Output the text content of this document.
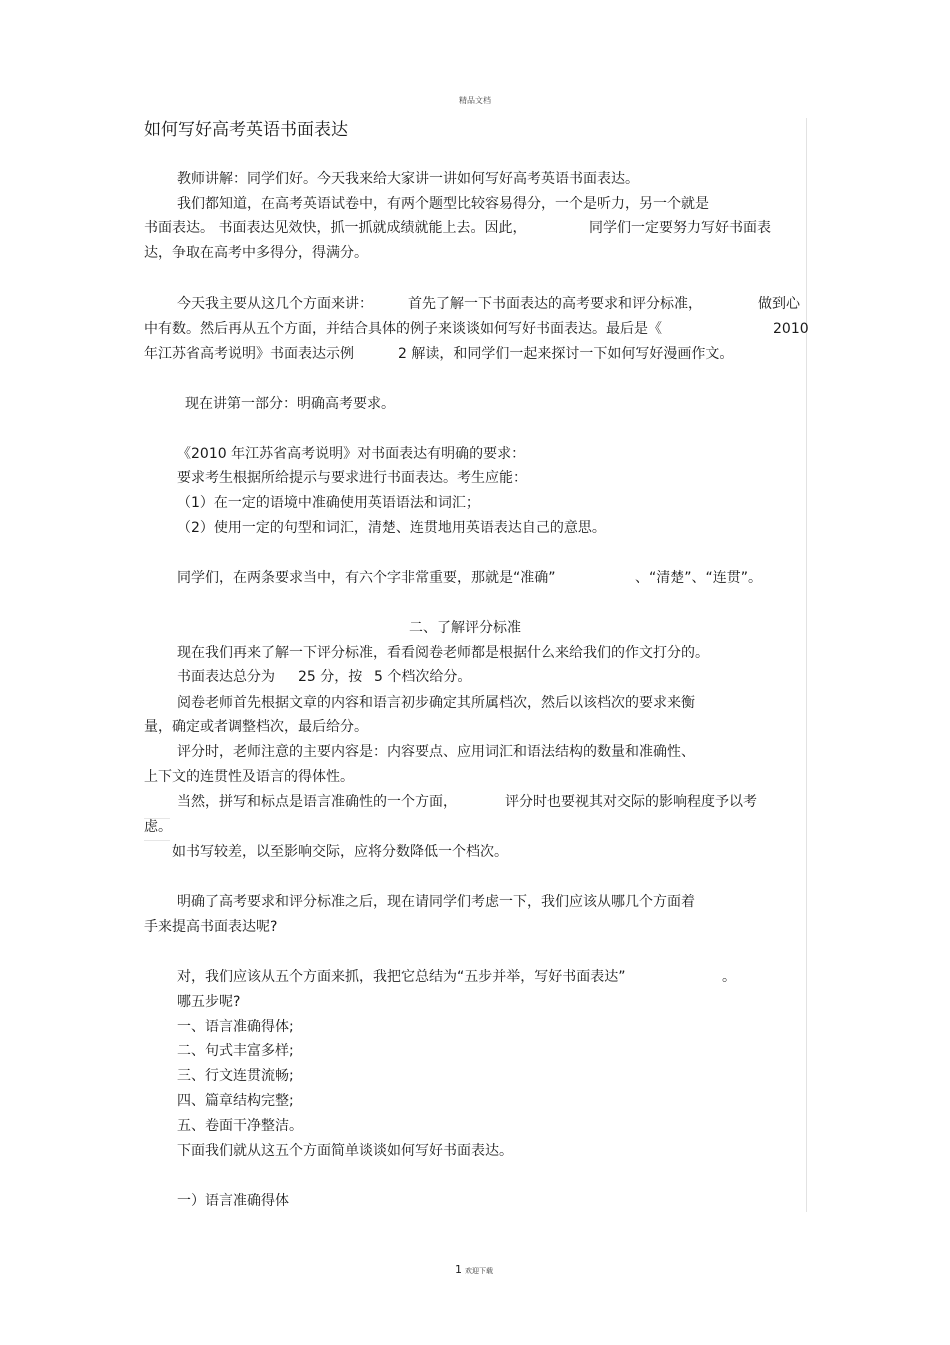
精品文档
如何写好高考英语书面表达
教师讲解：同学们好。今天我来给大家讲一讲如何写好高考英语书面表达。
我们都知道，在高考英语试卷中，有两个题型比较容易得分，一个是听力，另一个就是
书面表达。 书面表达见效快，抓一抓就成绩就能上去。因此，	同学们一定要努力写好书面表
达，争取在高考中多得分，得满分。
今天我主要从这几个方面来讲：	首先了解一下书面表达的高考要求和评分标准，	做到心
中有数。然后再从五个方面，并结合具体的例子来谈谈如何写好书面表达。最后是《	2010
年江苏省高考说明》书面表达示例	2 解读，和同学们一起来探讨一下如何写好漫画作文。
现在讲第一部分：明确高考要求。
《2010 年江苏省高考说明》对书面表达有明确的要求：
要求考生根据所给提示与要求进行书面表达。考生应能：
（1）在一定的语境中准确使用英语语法和词汇；
（2）使用一定的句型和词汇，清楚、连贯地用英语表达自己的意思。
同学们，在两条要求当中，有六个字非常重要，那就是“准确”	、“清楚”、“连贯”。
二、了解评分标准
现在我们再来了解一下评分标准，看看阅卷老师都是根据什么来给我们的作文打分的。
书面表达总分为 25 分，按 5 个档次给分。
阅卷老师首先根据文章的内容和语言初步确定其所属档次，然后以该档次的要求来衡
量，确定或者调整档次，最后给分。
评分时，老师注意的主要内容是：内容要点、应用词汇和语法结构的数量和准确性、
上下文的连贯性及语言的得体性。
当然，拼写和标点是语言准确性的一个方面，	评分时也要视其对交际的影响程度予以考
虑。
如书写较差，以至影响交际，应将分数降低一个档次。
明确了高考要求和评分标准之后，现在请同学们考虑一下，我们应该从哪几个方面着
手来提高书面表达呢?
对，我们应该从五个方面来抓，我把它总结为“五步并举，写好书面表达”	。
哪五步呢?
一、语言准确得体;
二、句式丰富多样;
三、行文连贯流畅;
四、篇章结构完整;
五、卷面干净整洁。
下面我们就从这五个方面简单谈谈如何写好书面表达。
一）语言准确得体
1 欢迎下载
